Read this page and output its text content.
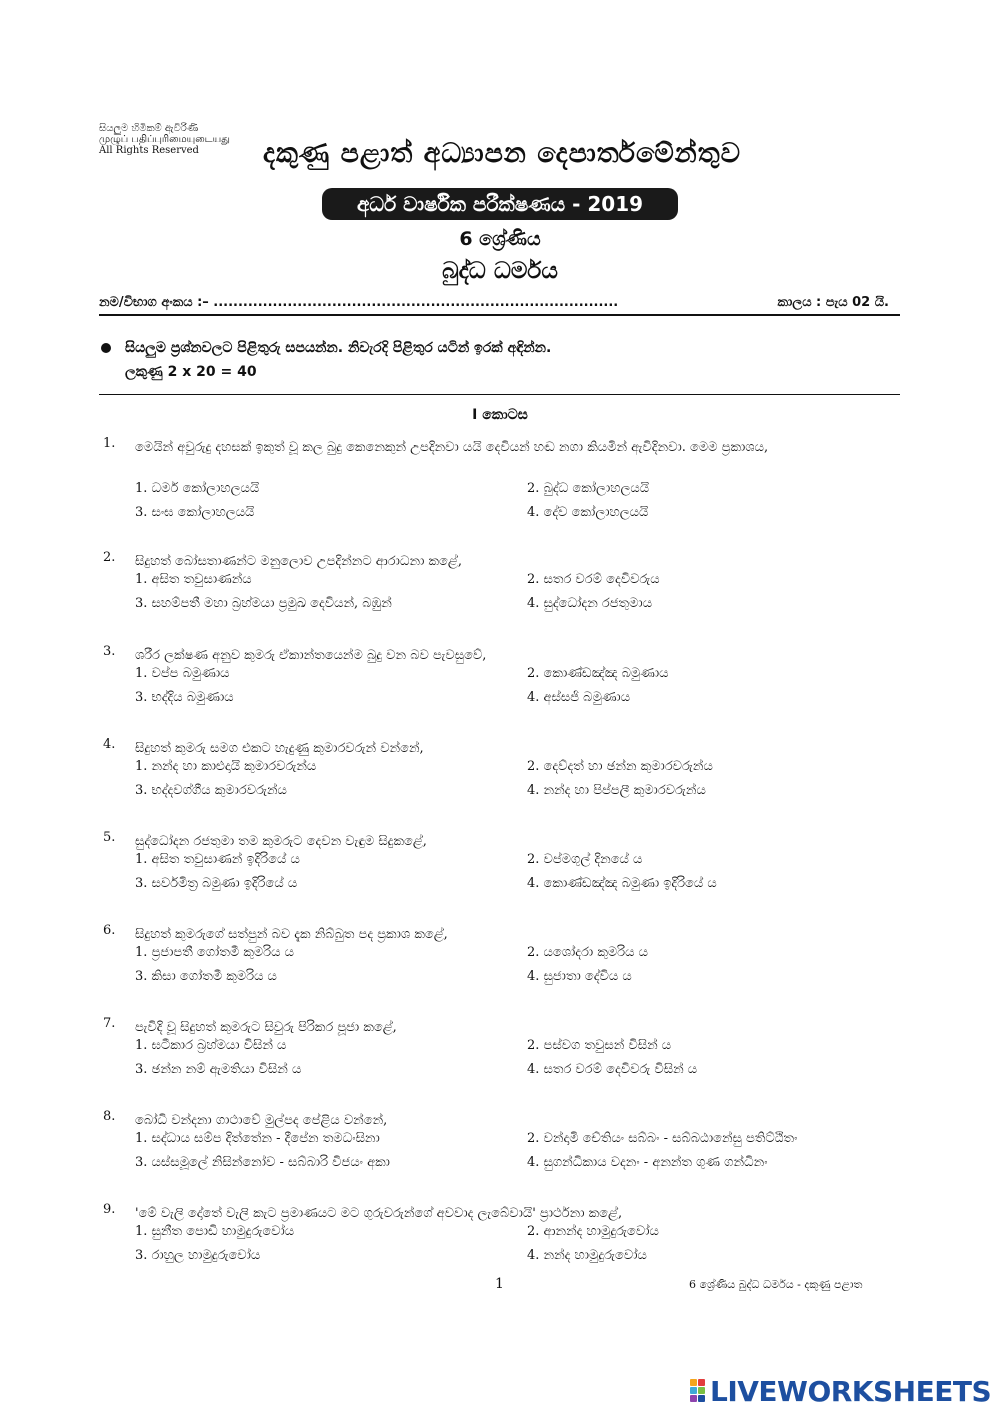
සියලුම හිමිකම් ඇවිරිණි
முழுப் பதிப்புரிமையுடையது
All Rights Reserved	දකුණු පළාත් අධ්‍යාපන දෙපාර්තමේන්තුව
අර්ධ වාර්ෂික පරීක්ෂණය - 2019
6 ශ්‍රේණිය
බුද්ධ ධර්මය
නම/විභාග අංකය :– ..................................................................................	කාලය : පැය 02 යි.
සියලුම ප්‍රශ්නවලට පිළිතුරු සපයන්න. නිවැරදි පිළිතුර යටින් ඉරක් අඳින්න.
ලකුණු 2 x 20 = 40
I කොටස
1. මෙයින් අවුරුදු දහසක් ඉකුත් වූ කල බුදු කෙනෙකුන් උපදිනවා යයි දෙවියන් හඬ නගා කියමින් ඇවිදිනවා. මෙම ප්‍රකාශය,
1. ධර්ම කෝලාහලයයි	2. බුද්ධ කෝලාහලයයි
3. සංඝ කෝලාහලයයි	4. දේව කෝලාහලයයි
2. සිදුහත් බෝසතාණන්ට මනුලොව උපදින්නට ආරාධනා කළේ,
1. අසිත තවුසාණන්ය	2. සතර වරම් දෙවිවරුය
3. සහම්පතී මහා බ්‍රහ්මයා ප්‍රමුඛ දෙවියන්, බඹුන්	4. සුද්ධෝදන රජතුමාය
3. ශරීර ලක්ෂණ අනුව කුමරු ඒකාන්තයෙන්ම බුදු වන බව පැවසුවේ,
1. වප්ප බමුණාය	2. කොණ්ඩඤ්ඤ බමුණාය
3. භද්දිය බමුණාය	4. අස්සජි බමුණාය
4. සිදුහත් කුමරු සමග එකට හැදුණු කුමාරවරුන් වන්නේ,
1. නන්ද හා කාළුදායි කුමාරවරුන්ය	2. දෙව්දත් හා ඡන්න කුමාරවරුන්ය
3. භද්දවග්ගීය කුමාරවරුන්ය	4. නන්ද හා පිප්පලී කුමාරවරුන්ය
5. සුද්ධෝදන රජතුමා තම කුමරුට දෙවන වැඳුම සිදුකළේ,
1. අසිත තවුසාණන් ඉදිරියේ ය	2. වප්මගුල් දිනයේ ය
3. සර්වමිත්‍ර බමුණා ඉදිරියේ ය	4. කොණ්ඩඤ්ඤ බමුණා ඉදිරියේ ය
6. සිදුහත් කුමරුගේ සත්පුන් බව දැක නිබ්බුත පද ප්‍රකාශ කළේ,
1. ප්‍රජාපතී ගෝතමී කුමරිය ය	2. යශෝදරා කුමරිය ය
3. කිසා ගෝතමී කුමරිය ය	4. සුජාතා දේවිය ය
7. පැවිදි වූ සිදුහත් කුමරුට සිවුරු පිරිකර පූජා කළේ,
1. ඝටීකාර බ්‍රහ්මයා විසින් ය	2. පස්වග තවුසන් විසින් ය
3. ඡන්න නම් ඇමතියා විසින් ය	4. සතර වරම් දෙවිවරු විසින් ය
8. බෝධි වන්දනා ගාථාවේ මුල්පද පේළිය වන්නේ,
1. සද්ධාය සම්ප දිත්තේන - දීපේන තමධංසිනා	2. වන්දාමි චේතියං සබ්බං - සබ්බඨානේසු පතිට්ඨිතං
3. යස්සමූලේ නිසින්නෝව - සබ්බාරි විජයං අකා	4. සුගන්ධිකාය වදනං - අනන්ත ගුණ ගන්ධිනං
9. 'මේ වැලි දෝතේ වැලි කැට ප්‍රමාණයට මට ගුරුවරුන්ගේ අවවාද ලැබේවායි' ප්‍රාර්ථනා කළේ,
1. සුනීත පොඩි හාමුදුරුවෝය	2. ආනන්ද හාමුදුරුවෝය
3. රාහුල හාමුදුරුවෝය	4. නන්ද හාමුදුරුවෝය
1	6 ශ්‍රේණිය බුද්ධ ධර්මය - දකුණු පළාත
LIVEWORKSHEETS
